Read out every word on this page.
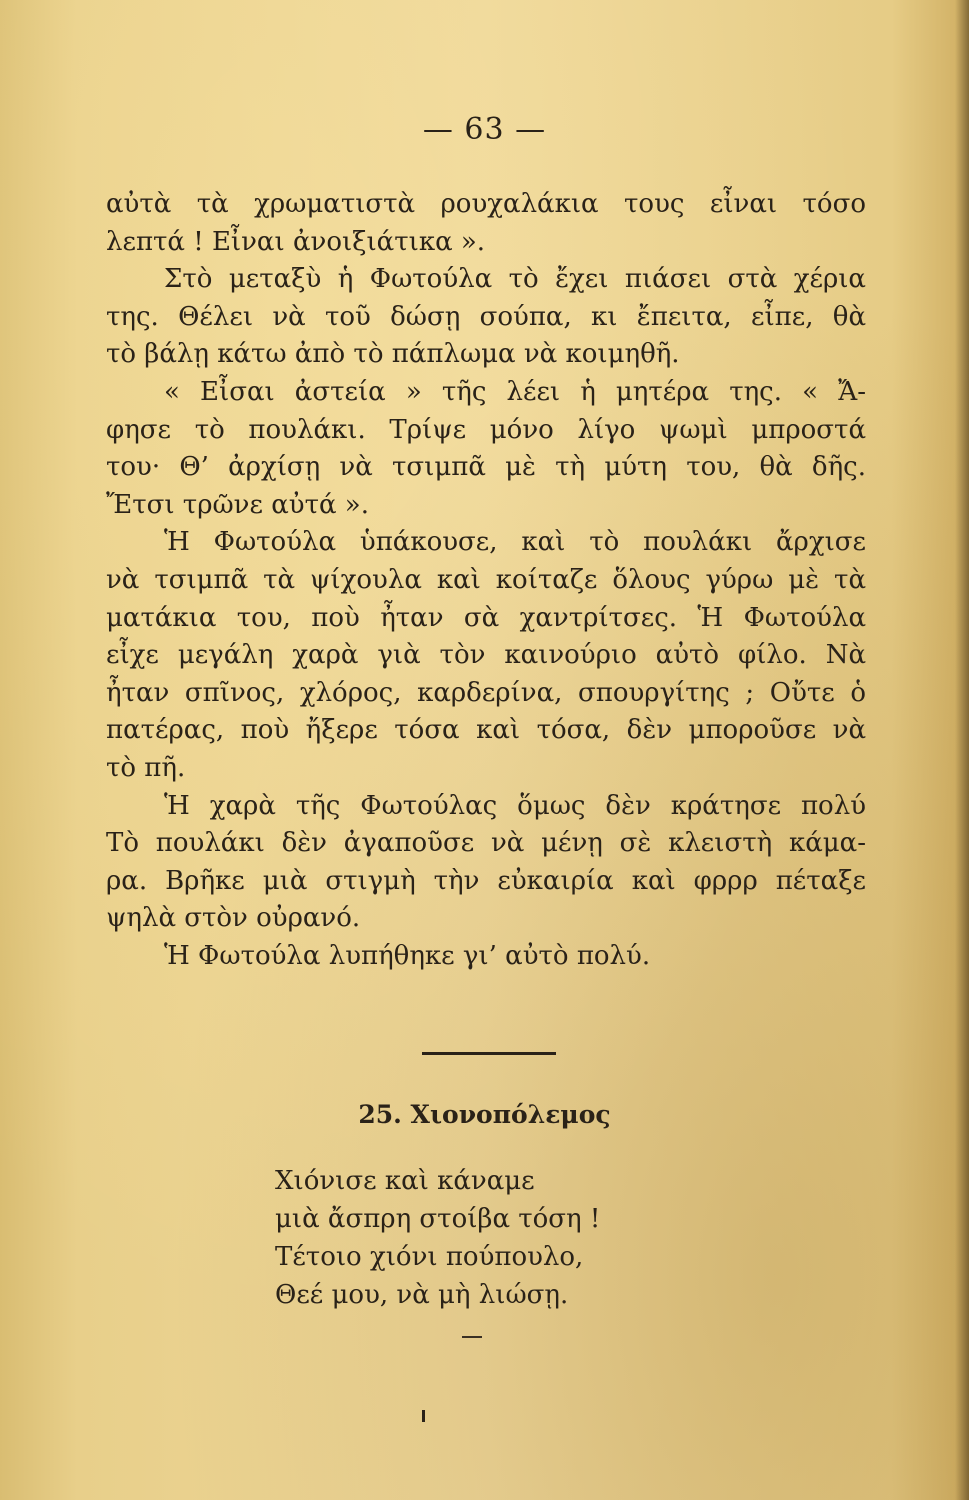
— 63 —
αὐτὰ τὰ χρωματιστὰ ρουχαλάκια τους εἶναι τόσο
λεπτά ! Εἶναι ἀνοιξιάτικα ».
Στὸ μεταξὺ ἡ Φωτούλα τὸ ἔχει πιάσει στὰ χέρια
της. Θέλει νὰ τοῦ δώσῃ σούπα, κι ἔπειτα, εἶπε, θὰ
τὸ βάλῃ κάτω ἀπὸ τὸ πάπλωμα νὰ κοιμηθῆ.
« Εἶσαι ἀστεία » τῆς λέει ἡ μητέρα της. « Ἄ-
φησε τὸ πουλάκι. Τρίψε μόνο λίγο ψωμὶ μπροστά
του· Θ’ ἀρχίσῃ νὰ τσιμπᾶ μὲ τὴ μύτη του, θὰ δῆς.
Ἔτσι τρῶνε αὐτά ».
Ἡ Φωτούλα ὑπάκουσε, καὶ τὸ πουλάκι ἄρχισε
νὰ τσιμπᾶ τὰ ψίχουλα καὶ κοίταζε ὅλους γύρω μὲ τὰ
ματάκια του, ποὺ ἦταν σὰ χαντρίτσες. Ἡ Φωτούλα
εἶχε μεγάλη χαρὰ γιὰ τὸν καινούριο αὐτὸ φίλο. Νὰ
ἦταν σπῖνος, χλόρος, καρδερίνα, σπουργίτης ; Οὔτε ὁ
πατέρας, ποὺ ἤξερε τόσα καὶ τόσα, δὲν μποροῦσε νὰ
τὸ πῆ.
Ἡ χαρὰ τῆς Φωτούλας ὅμως δὲν κράτησε πολύ
Τὸ πουλάκι δὲν ἀγαποῦσε νὰ μένῃ σὲ κλειστὴ κάμα-
ρα. Βρῆκε μιὰ στιγμὴ τὴν εὐκαιρία καὶ φρρρ πέταξε
ψηλὰ στὸν οὐρανό.
Ἡ Φωτούλα λυπήθηκε γι’ αὐτὸ πολύ.
25. Χιονοπόλεμος
Χιόνισε καὶ κάναμε
μιὰ ἄσπρη στοίβα τόση !
Τέτοιο χιόνι πούπουλο,
Θεέ μου, νὰ μὴ λιώσῃ.
